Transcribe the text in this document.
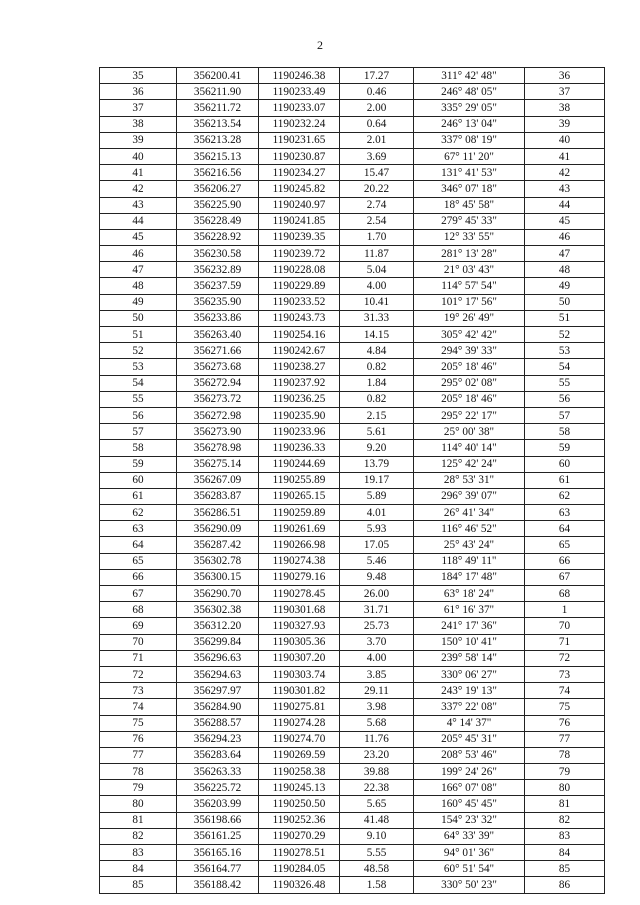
2
35	356200.41	1190246.38	17.27	311° 42' 48"	36
36	356211.90	1190233.49	0.46	246° 48' 05"	37
37	356211.72	1190233.07	2.00	335° 29' 05"	38
38	356213.54	1190232.24	0.64	246° 13' 04"	39
39	356213.28	1190231.65	2.01	337° 08' 19"	40
40	356215.13	1190230.87	3.69	67° 11' 20"	41
41	356216.56	1190234.27	15.47	131° 41' 53"	42
42	356206.27	1190245.82	20.22	346° 07' 18"	43
43	356225.90	1190240.97	2.74	18° 45' 58"	44
44	356228.49	1190241.85	2.54	279° 45' 33"	45
45	356228.92	1190239.35	1.70	12° 33' 55"	46
46	356230.58	1190239.72	11.87	281° 13' 28"	47
47	356232.89	1190228.08	5.04	21° 03' 43"	48
48	356237.59	1190229.89	4.00	114° 57' 54"	49
49	356235.90	1190233.52	10.41	101° 17' 56"	50
50	356233.86	1190243.73	31.33	19° 26' 49"	51
51	356263.40	1190254.16	14.15	305° 42' 42"	52
52	356271.66	1190242.67	4.84	294° 39' 33"	53
53	356273.68	1190238.27	0.82	205° 18' 46"	54
54	356272.94	1190237.92	1.84	295° 02' 08"	55
55	356273.72	1190236.25	0.82	205° 18' 46"	56
56	356272.98	1190235.90	2.15	295° 22' 17"	57
57	356273.90	1190233.96	5.61	25° 00' 38"	58
58	356278.98	1190236.33	9.20	114° 40' 14"	59
59	356275.14	1190244.69	13.79	125° 42' 24"	60
60	356267.09	1190255.89	19.17	28° 53' 31"	61
61	356283.87	1190265.15	5.89	296° 39' 07"	62
62	356286.51	1190259.89	4.01	26° 41' 34"	63
63	356290.09	1190261.69	5.93	116° 46' 52"	64
64	356287.42	1190266.98	17.05	25° 43' 24"	65
65	356302.78	1190274.38	5.46	118° 49' 11"	66
66	356300.15	1190279.16	9.48	184° 17' 48"	67
67	356290.70	1190278.45	26.00	63° 18' 24"	68
68	356302.38	1190301.68	31.71	61° 16' 37"	1
69	356312.20	1190327.93	25.73	241° 17' 36"	70
70	356299.84	1190305.36	3.70	150° 10' 41"	71
71	356296.63	1190307.20	4.00	239° 58' 14"	72
72	356294.63	1190303.74	3.85	330° 06' 27"	73
73	356297.97	1190301.82	29.11	243° 19' 13"	74
74	356284.90	1190275.81	3.98	337° 22' 08"	75
75	356288.57	1190274.28	5.68	4° 14' 37"	76
76	356294.23	1190274.70	11.76	205° 45' 31"	77
77	356283.64	1190269.59	23.20	208° 53' 46"	78
78	356263.33	1190258.38	39.88	199° 24' 26"	79
79	356225.72	1190245.13	22.38	166° 07' 08"	80
80	356203.99	1190250.50	5.65	160° 45' 45"	81
81	356198.66	1190252.36	41.48	154° 23' 32"	82
82	356161.25	1190270.29	9.10	64° 33' 39"	83
83	356165.16	1190278.51	5.55	94° 01' 36"	84
84	356164.77	1190284.05	48.58	60° 51' 54"	85
85	356188.42	1190326.48	1.58	330° 50' 23"	86
